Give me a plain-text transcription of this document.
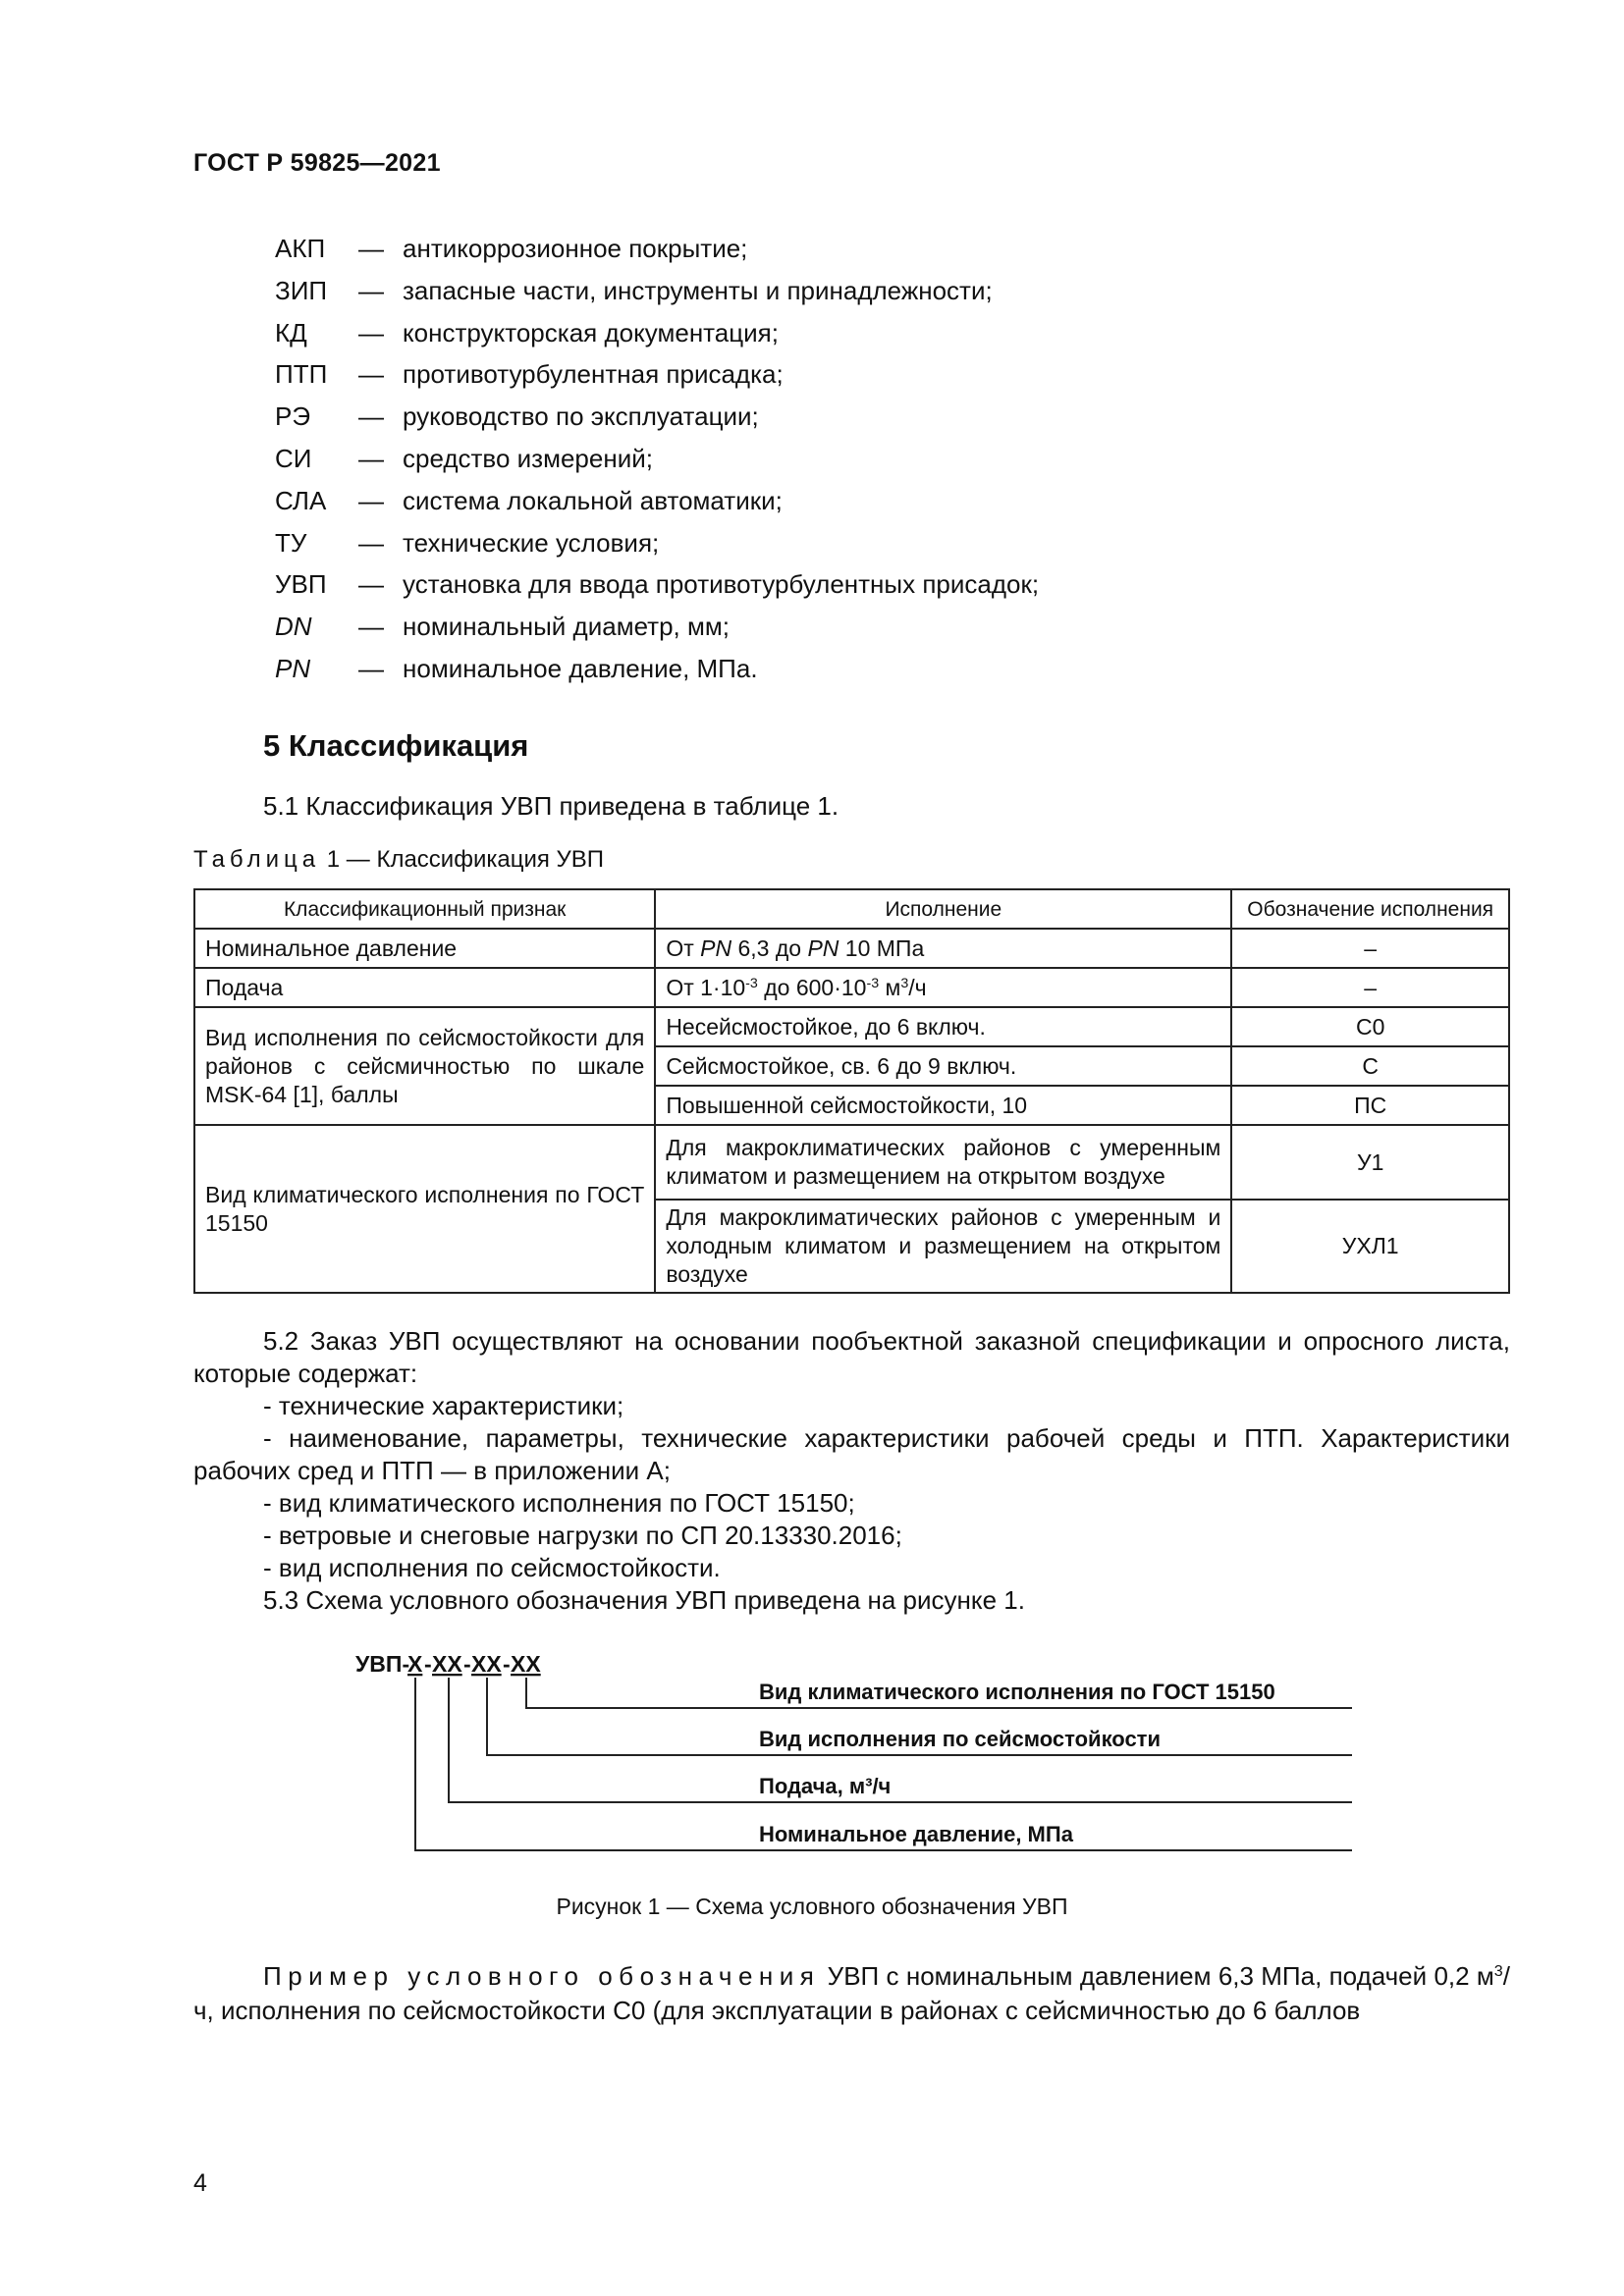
ГОСТ Р 59825—2021
АКП — антикоррозионное покрытие;
ЗИП — запасные части, инструменты и принадлежности;
КД — конструкторская документация;
ПТП — противотурбулентная присадка;
РЭ — руководство по эксплуатации;
СИ — средство измерений;
СЛА — система локальной автоматики;
ТУ — технические условия;
УВП — установка для ввода противотурбулентных присадок;
DN — номинальный диаметр, мм;
PN — номинальное давление, МПа.
5 Классификация
5.1 Классификация УВП приведена в таблице 1.
Таблица 1 — Классификация УВП
Классификационный признак	Исполнение	Обозначение исполнения
Номинальное давление	От PN 6,3 до PN 10 МПа	–
Подача	От $1\cdot 10^{-3}$ до $600\cdot 10^{-3}$ $м^3/ч$	–
Вид исполнения по сейсмостойкости для районов с сейсмичностью по шкале MSK-64 [1], баллы	Несейсмостойкое, до 6 включ.	С0
	Сейсмостойкое, св. 6 до 9 включ.	С
	Повышенной сейсмостойкости, 10	ПС
Вид климатического исполнения по ГОСТ 15150	Для макроклиматических районов с умеренным климатом и размещением на открытом воздухе	У1
	Для макроклиматических районов с умеренным и холодным климатом и размещением на открытом воздухе	УХЛ1
5.2 Заказ УВП осуществляют на основании пообъектной заказной спецификации и опросного листа, которые содержат:
- технические характеристики;
- наименование, параметры, технические характеристики рабочей среды и ПТП. Характеристики рабочих сред и ПТП — в приложении А;
- вид климатического исполнения по ГОСТ 15150;
- ветровые и снеговые нагрузки по СП 20.13330.2016;
- вид исполнения по сейсмостойкости.
5.3 Схема условного обозначения УВП приведена на рисунке 1.
УВП-
Х - ХХ - ХХ - ХХ
Вид климатического исполнения по ГОСТ 15150
Вид исполнения по сейсмостойкости
Подача, м³/ч
Номинальное давление, МПа
Рисунок 1 — Схема условного обозначения УВП
Пример условного обозначения УВП с номинальным давлением 6,3 МПа, подачей 0,2 $м^3/ч$, исполнения по сейсмостойкости С0 (для эксплуатации в районах с сейсмичностью до 6 баллов
4
